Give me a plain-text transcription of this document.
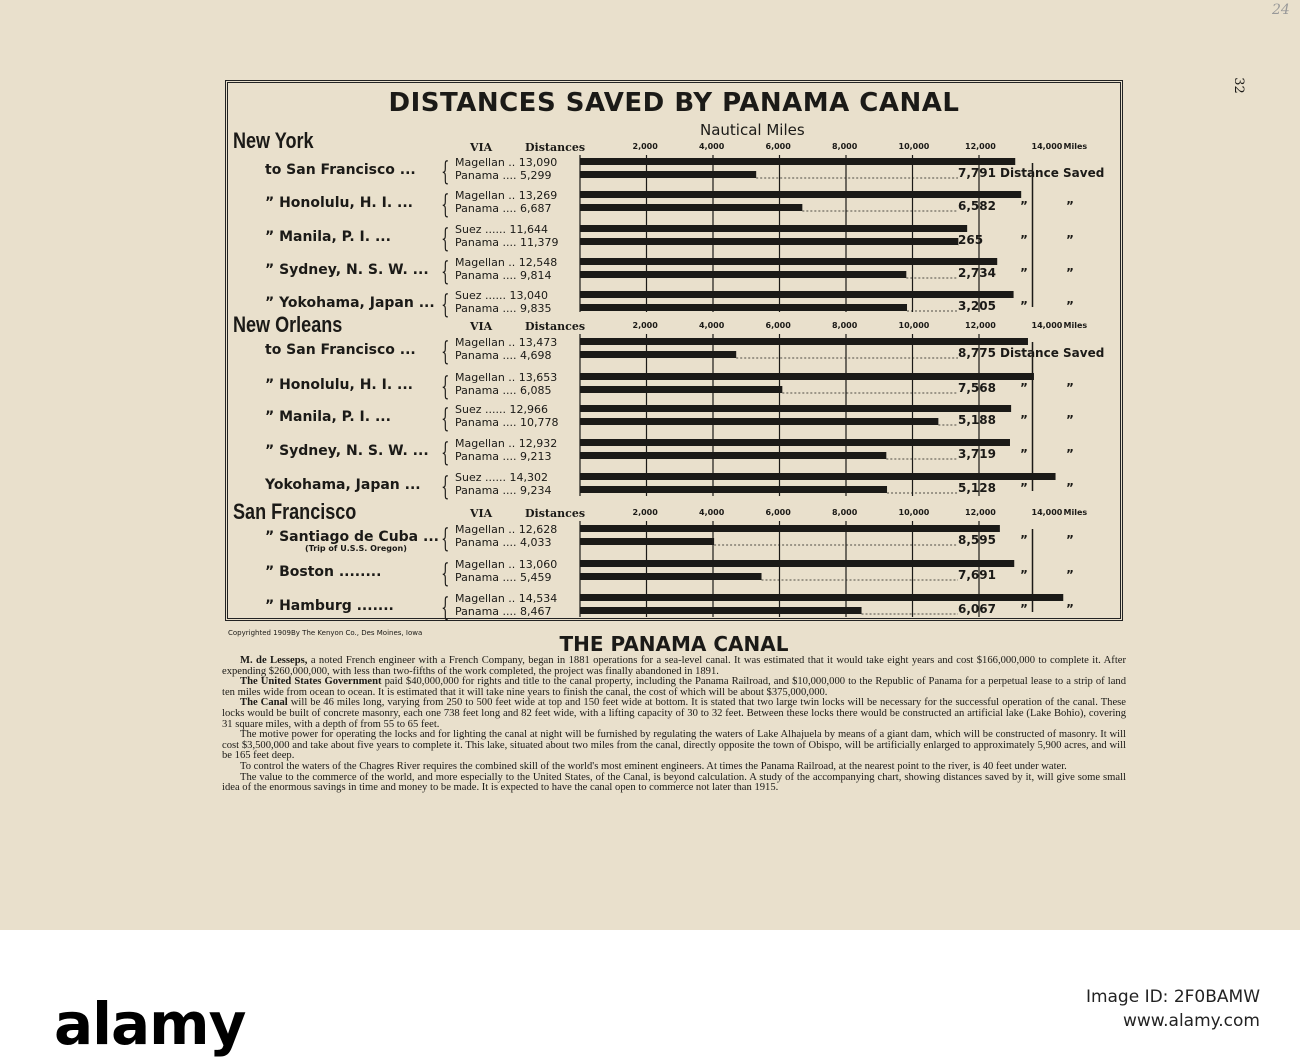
24
32
DISTANCES SAVED BY PANAMA CANAL
Nautical Miles
New York	VIA	Distances	2,000	4,000	6,000	8,000	10,000	12,000	14,000 Miles
to San Francisco ... { Magellan .. 13,090
Panama .... 5,299	7,791 Distance Saved
” Honolulu, H. I. ... { Magellan .. 13,269
Panama .... 6,687	6,582 ”	”
” Manila, P. I. ... { Suez ...... 11,644
Panama .... 11,379	265	”	”
” Sydney, N. S. W. ... { Magellan .. 12,548
Panama .... 9,814	2,734 ”	”
” Yokohama, Japan ... { Suez ...... 13,040
Panama .... 9,835	3,205 ”	”
New Orleans	VIA	Distances	2,000	4,000	6,000	8,000	10,000	12,000	14,000 Miles
to San Francisco ... { Magellan .. 13,473
Panama .... 4,698	8,775 Distance Saved
” Honolulu, H. I. ... { Magellan .. 13,653
Panama .... 6,085	7,568 ”	”
” Manila, P. I. ... { Suez ...... 12,966
Panama .... 10,778	5,188 ”	”
” Sydney, N. S. W. ... { Magellan .. 12,932
Panama .... 9,213	3,719 ”	”
Yokohama, Japan ... { Suez ...... 14,302
Panama .... 9,234	5,128 ”	”
San Francisco	VIA	Distances	2,000	4,000	6,000	8,000	10,000	12,000	14,000 Miles
” Santiago de Cuba ...
(Trip of U.S.S. Oregon) { Magellan .. 12,628
Panama .... 4,033	8,595 ”	”
” Boston ........ { Magellan .. 13,060
Panama .... 5,459	7,691 ”	”
” Hamburg ....... { Magellan .. 14,534
Panama .... 8,467	6,067 ”	”
Copyrighted 1909By The Kenyon Co., Des Moines, Iowa	THE PANAMA CANAL

M. de Lesseps, a noted French engineer with a French Company, began in 1881 operations for a sea-level canal. It was estimated that it would take eight years and cost $166,000,000 to complete it. After expending $260,000,000, with less than two-fifths of the work completed, the project was finally abandoned in 1891.

The United States Government paid $40,000,000 for rights and title to the canal property, including the Panama Railroad, and $10,000,000 to the Republic of Panama for a perpetual lease to a strip of land ten miles wide from ocean to ocean. It is estimated that it will take nine years to finish the canal, the cost of which will be about $375,000,000.

The Canal will be 46 miles long, varying from 250 to 500 feet wide at top and 150 feet wide at bottom. It is stated that two large twin locks will be necessary for the successful operation of the canal. These locks would be built of concrete masonry, each one 738 feet long and 82 feet wide, with a lifting capacity of 30 to 32 feet. Between these locks there would be constructed an artificial lake (Lake Bohio), covering 31 square miles, with a depth of from 55 to 65 feet.

The motive power for operating the locks and for lighting the canal at night will be furnished by regulating the waters of Lake Alhajuela by means of a giant dam, which will be constructed of masonry. It will cost $3,500,000 and take about five years to complete it. This lake, situated about two miles from the canal, directly opposite the town of Obispo, will be artificially enlarged to approximately 5,900 acres, and will be 165 feet deep.

To control the waters of the Chagres River requires the combined skill of the world's most eminent engineers. At times the Panama Railroad, at the nearest point to the river, is 40 feet under water.

The value to the commerce of the world, and more especially to the United States, of the Canal, is beyond calculation. A study of the accompanying chart, showing distances saved by it, will give some small idea of the enormous savings in time and money to be made. It is expected to have the canal open to commerce not later than 1915.

alamy	Image ID: 2F0BAMW
www.alamy.com
